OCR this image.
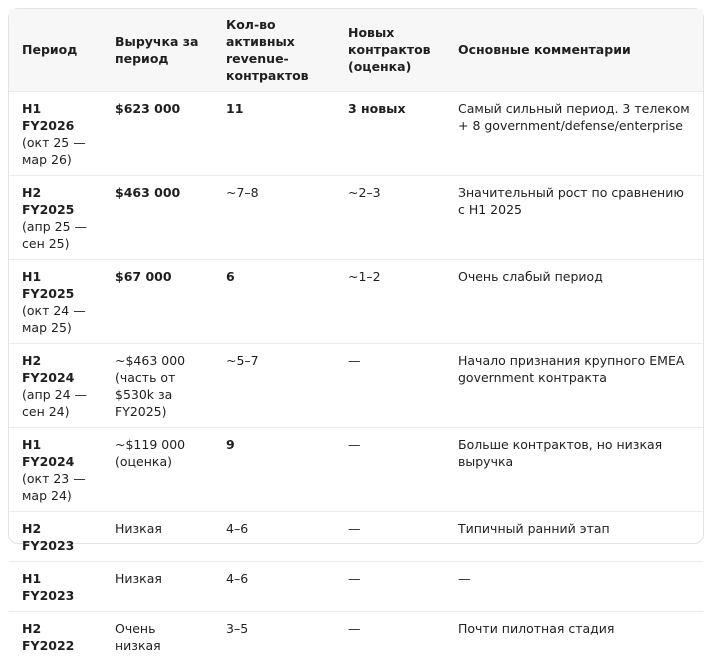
Период	Выручка за период	Кол-во активных revenue-контрактов	Новых контрактов (оценка)	Основные комментарии

H1 FY2026
(окт 25 — мар 26)	$623 000	11	3 новых	Самый сильный период. 3 телеком + 8 government/defense/enterprise

H2 FY2025
(апр 25 — сен 25)	$463 000	~7–8	~2–3	Значительный рост по сравнению с H1 2025

H1 FY2025
(окт 24 — мар 25)	$67 000	6	~1–2	Очень слабый период

H2 FY2024
(апр 24 — сен 24)	~$463 000 (часть от $530k за FY2025)	~5–7	—	Начало признания крупного EMEA government контракта

H1 FY2024
(окт 23 — мар 24)	~$119 000 (оценка)	9	—	Больше контрактов, но низкая выручка

H2 FY2023	Низкая	4–6	—	Типичный ранний этап

H1 FY2023	Низкая	4–6	—	—

H2 FY2022	Очень низкая	3–5	—	Почти пилотная стадия
